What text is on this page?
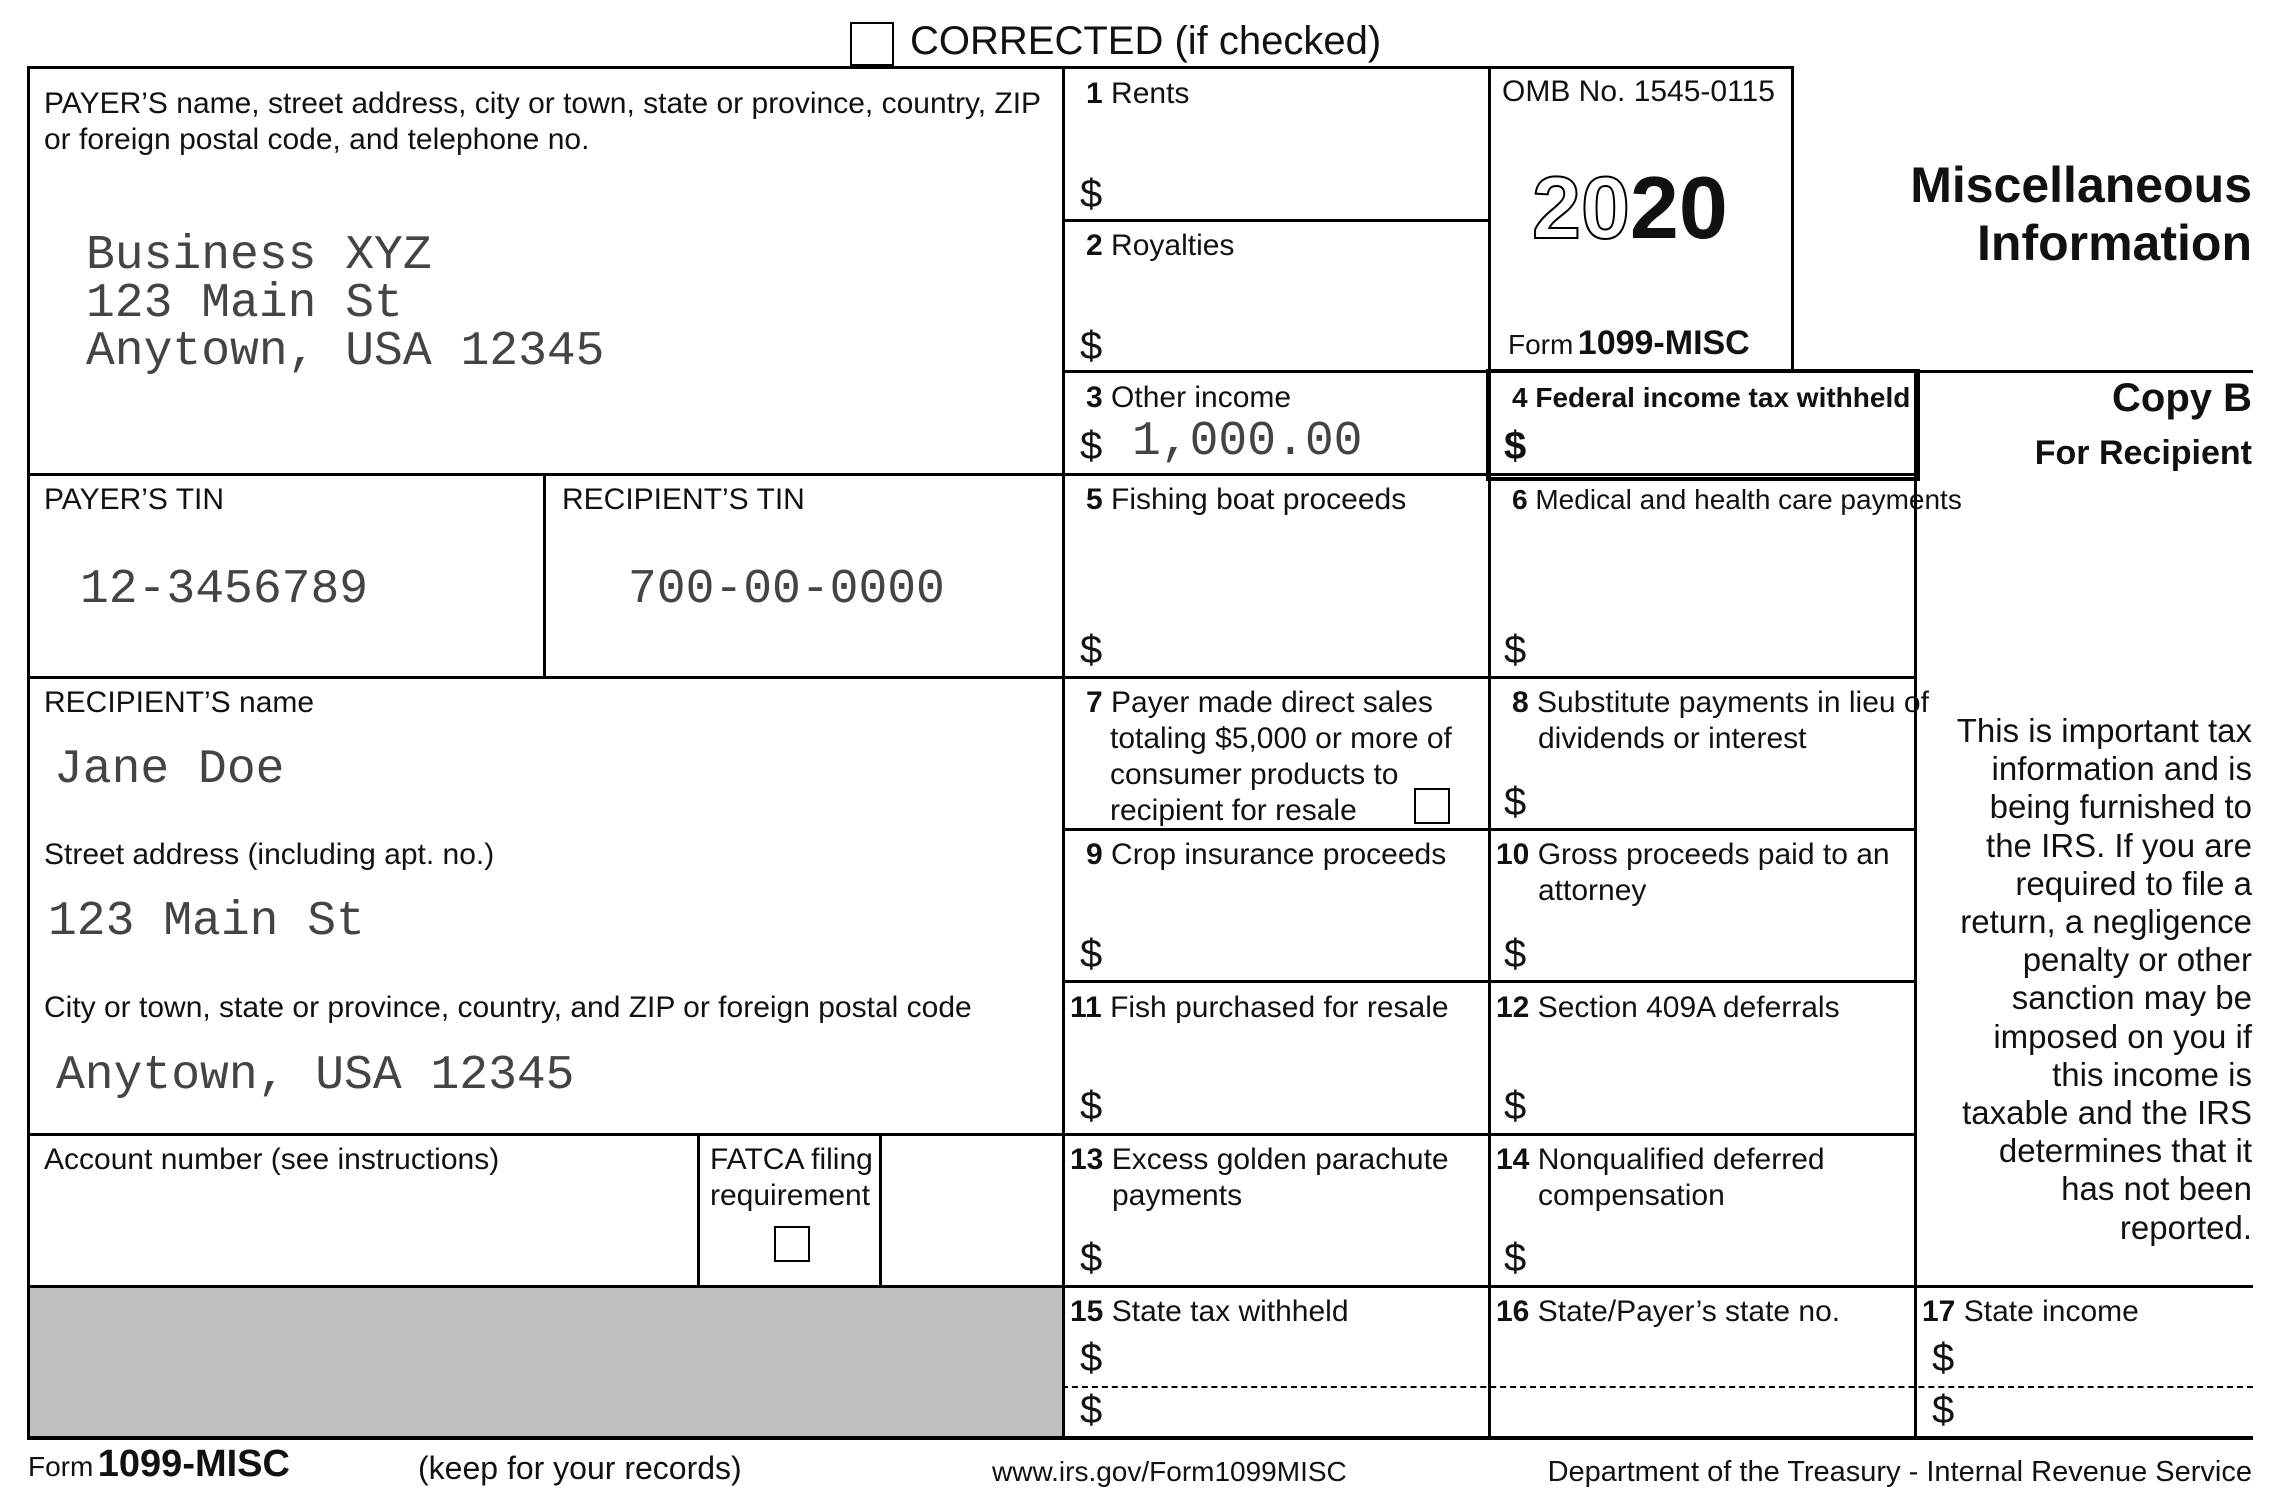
CORRECTED (if checked)
PAYER’S name, street address, city or town, state or province, country, ZIP
or foreign postal code, and telephone no.
Business XYZ
123 Main St
Anytown, USA 12345
PAYER’S TIN
12-3456789
RECIPIENT’S TIN
700-00-0000
RECIPIENT’S name
Jane Doe
Street address (including apt. no.)
123 Main St
City or town, state or province, country, and ZIP or foreign postal code
Anytown, USA 12345
Account number (see instructions)	FATCA filing
requirement
1 Rents
$
2 Royalties
$
3 Other income
$ 1,000.00
5 Fishing boat proceeds
$
7 Payer made direct sales
totaling $5,000 or more of
consumer products to
recipient for resale
9 Crop insurance proceeds
$
11 Fish purchased for resale
$
13 Excess golden parachute
payments
$
15 State tax withheld
$
$
OMB No. 1545-0115
2020
Form 1099-MISC
4 Federal income tax withheld
$
6 Medical and health care payments
$
8 Substitute payments in lieu of
dividends or interest
$
10 Gross proceeds paid to an
attorney
$
12 Section 409A deferrals
$
14 Nonqualified deferred
compensation
$
16 State/Payer’s state no.	17 State income
$
$
Miscellaneous
Information
Copy B
For Recipient
This is important tax
information and is
being furnished to
the IRS. If you are
required to file a
return, a negligence
penalty or other
sanction may be
imposed on you if
this income is
taxable and the IRS
determines that it
has not been
reported.
Form 1099-MISC	(keep for your records)	www.irs.gov/Form1099MISC	Department of the Treasury - Internal Revenue Service
